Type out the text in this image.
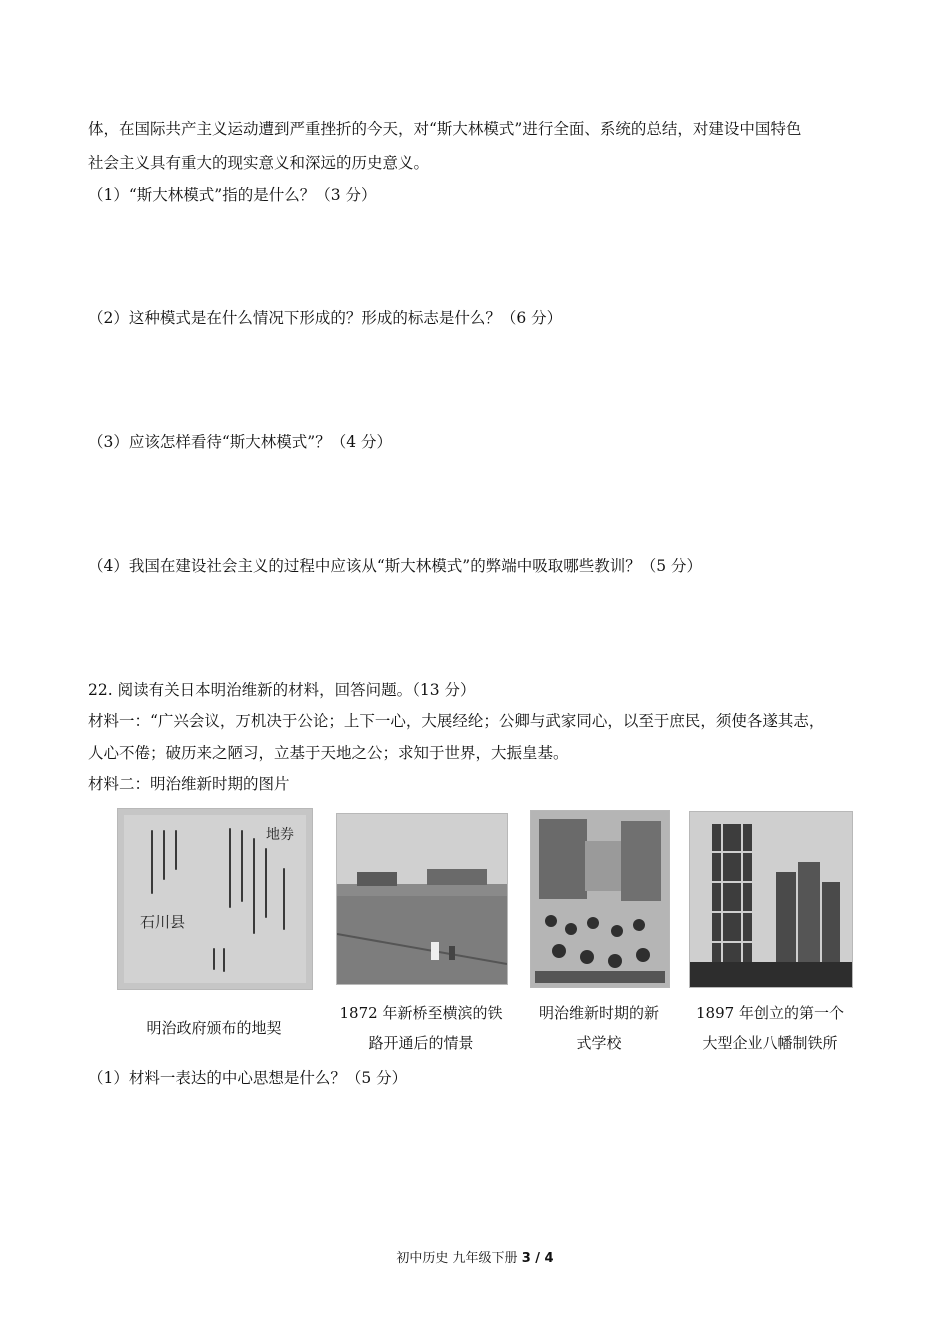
体，在国际共产主义运动遭到严重挫折的今天，对“斯大林模式”进行全面、系统的总结，对建设中国特色
社会主义具有重大的现实意义和深远的历史意义。
（1）“斯大林模式”指的是什么？（3 分）
（2）这种模式是在什么情况下形成的？形成的标志是什么？（6 分）
（3）应该怎样看待“斯大林模式”？（4 分）
（4）我国在建设社会主义的过程中应该从“斯大林模式”的弊端中吸取哪些教训？（5 分）
22. 阅读有关日本明治维新的材料，回答问题。（13 分）
材料一：“广兴会议，万机决于公论；上下一心，大展经纶；公卿与武家同心，以至于庶民，须使各遂其志，
人心不倦；破历来之陋习，立基于天地之公；求知于世界，大振皇基。
材料二：明治维新时期的图片
地券
石川县
明治政府颁布的地契
1872 年新桥至横滨的铁
路开通后的情景
明治维新时期的新
式学校
1897 年创立的第一个
大型企业八幡制铁所
（1）材料一表达的中心思想是什么？（5 分）
初中历史 九年级下册 3 / 4
